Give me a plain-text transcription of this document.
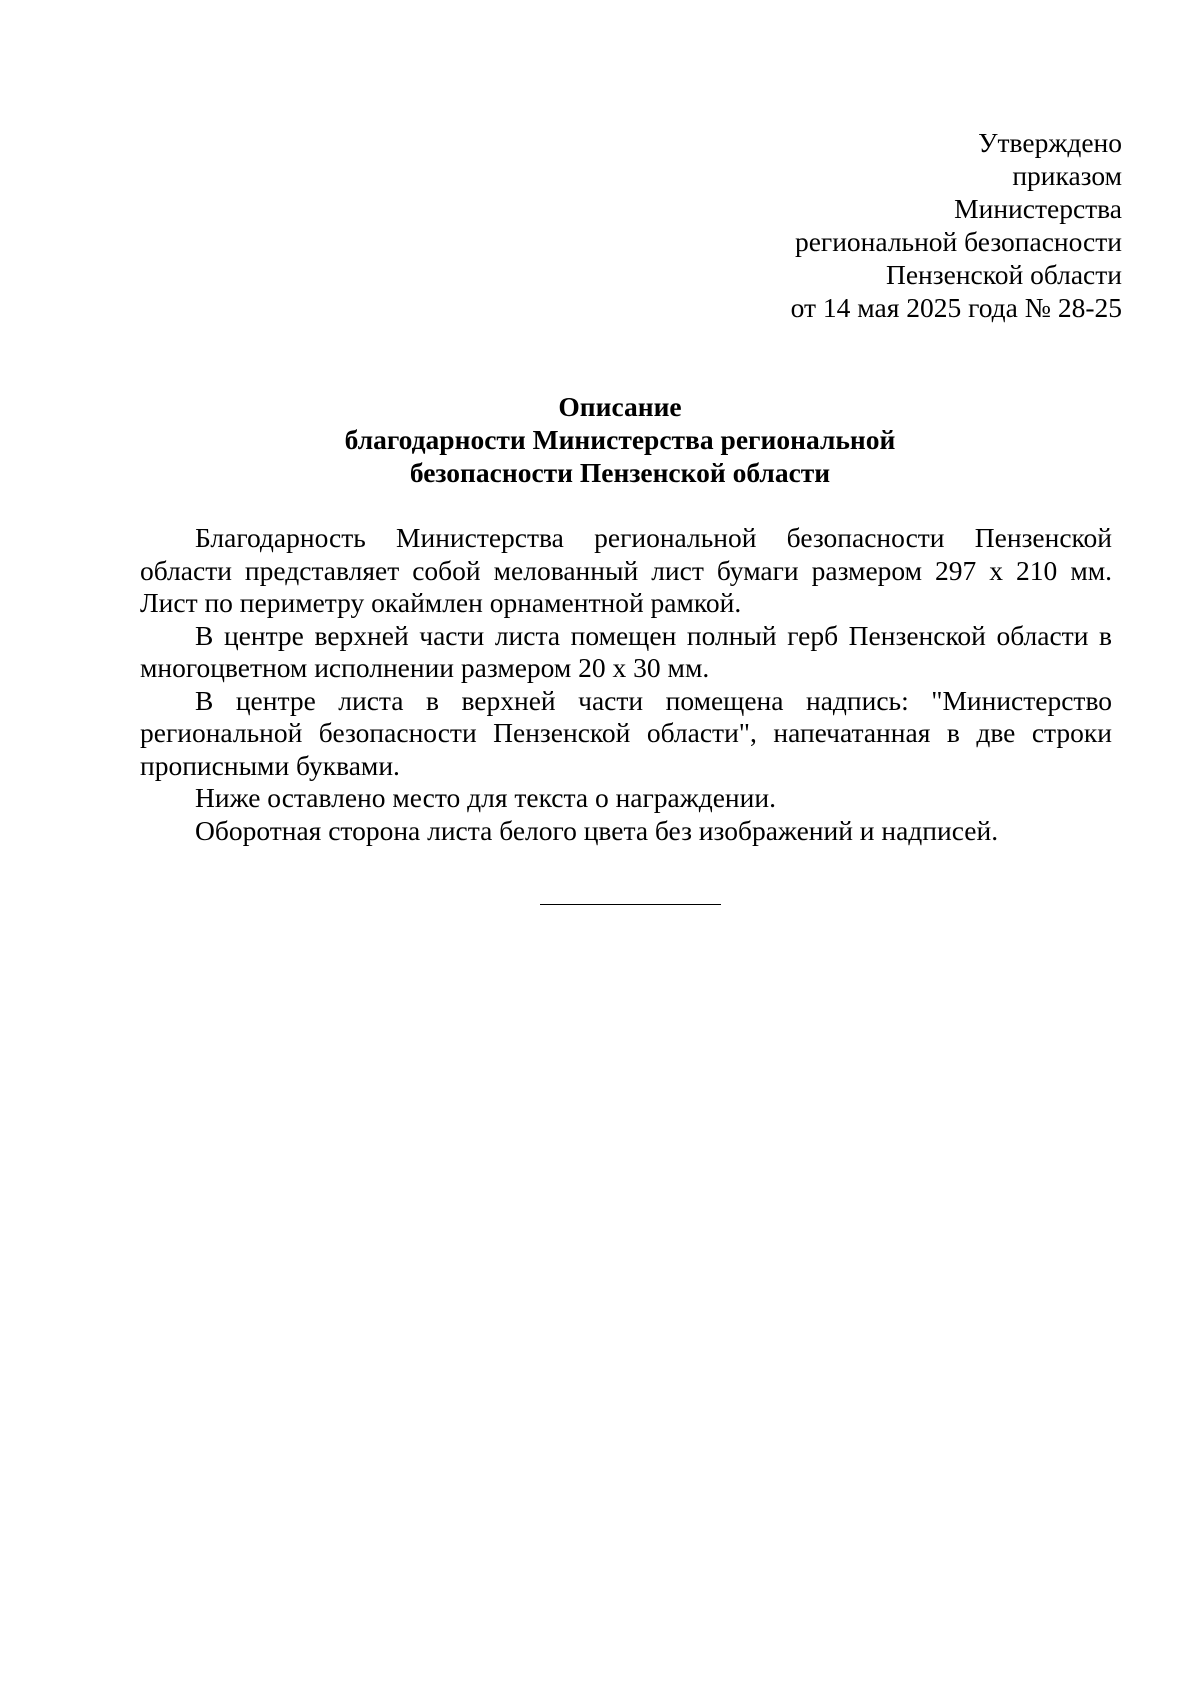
Утверждено
приказом
Министерства
региональной безопасности
Пензенской области
от 14 мая 2025 года № 28-25
Описание
благодарности Министерства региональной
безопасности Пензенской области

Благодарность Министерства региональной безопасности Пензенской
области представляет собой мелованный лист бумаги размером 297 х 210 мм.
Лист по периметру окаймлен орнаментной рамкой.

В центре верхней части листа помещен полный герб Пензенской области в
многоцветном исполнении размером 20 х 30 мм.

В центре листа в верхней части помещена надпись: "Министерство
региональной безопасности Пензенской области", напечатанная в две строки
прописными буквами.

Ниже оставлено место для текста о награждении.

Оборотная сторона листа белого цвета без изображений и надписей.
